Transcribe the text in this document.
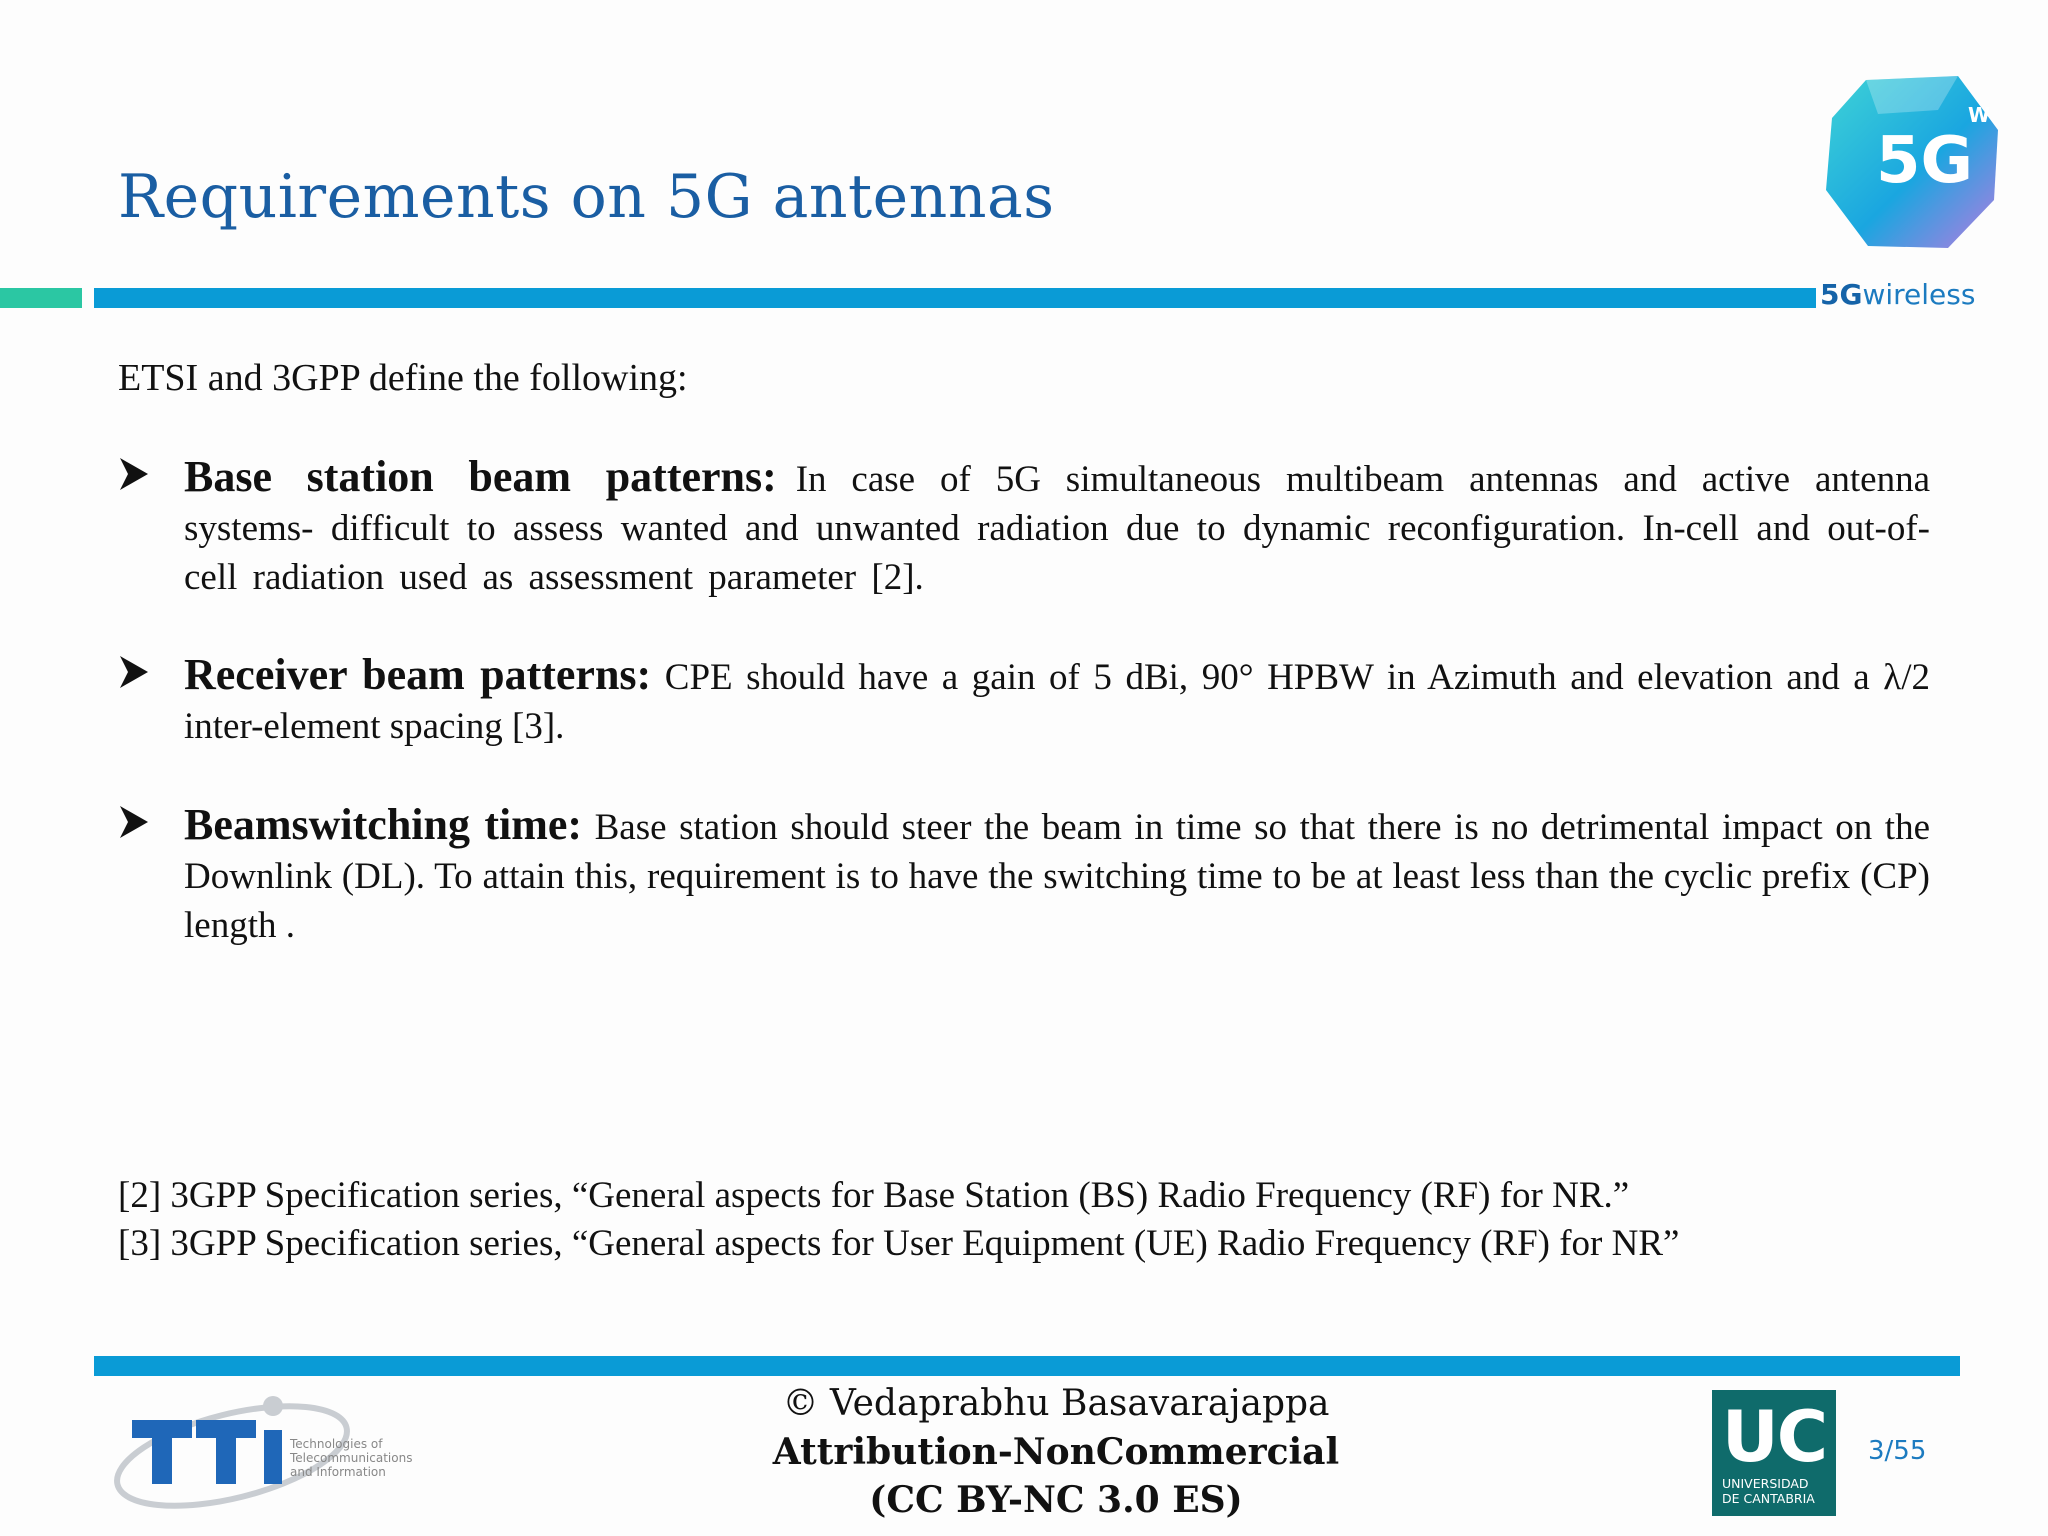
Requirements on 5G antennas	5G
W
5Gwireless
ETSI and 3GPP define the following:
Base station beam patterns: In case of 5G simultaneous multibeam antennas and active antenna systems- difficult to assess wanted and unwanted radiation due to dynamic reconfiguration. In-cell and out-of-cell radiation used as assessment parameter [2].
Receiver beam patterns: CPE should have a gain of 5 dBi, 90° HPBW in Azimuth and elevation and a λ/2 inter-element spacing [3].
Beamswitching time: Base station should steer the beam in time so that there is no detrimental impact on the Downlink (DL). To attain this, requirement is to have the switching time to be at least less than the cyclic prefix (CP) length .
[2] 3GPP Specification series, “General aspects for Base Station (BS) Radio Frequency (RF) for NR.”
[3] 3GPP Specification series, “General aspects for User Equipment (UE) Radio Frequency (RF) for NR”
Technologies of
Telecommunications
and Information
© Vedaprabhu Basavarajappa
Attribution-NonCommercial
(CC BY-NC 3.0 ES)
UC
UNIVERSIDAD
DE CANTABRIA
3/55
